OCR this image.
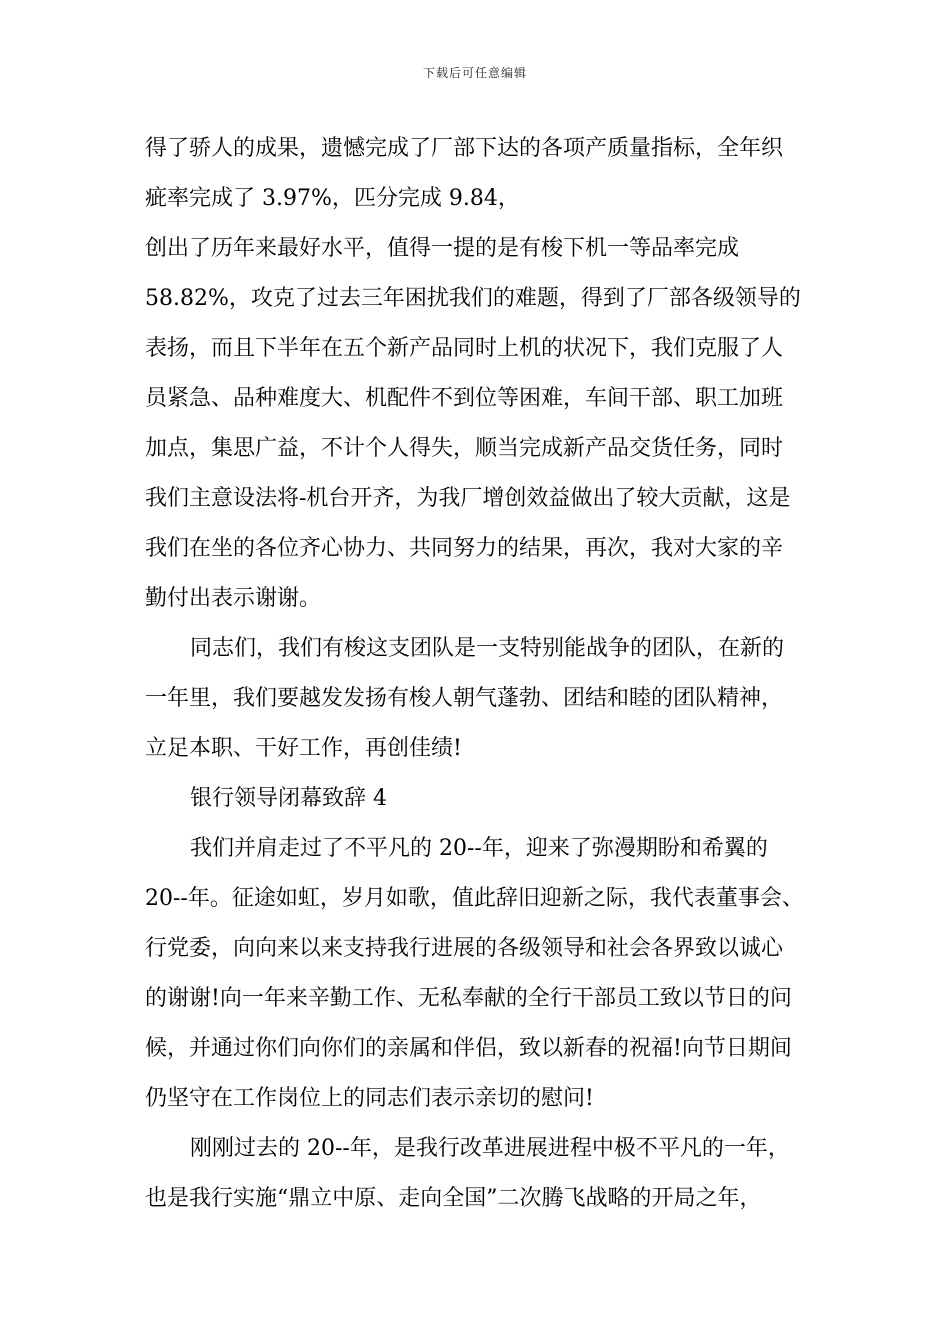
下载后可任意编辑
得了骄人的成果，遗憾完成了厂部下达的各项产质量指标，全年织
疵率完成了 3.97%，匹分完成 9.84，
创出了历年来最好水平，值得一提的是有梭下机一等品率完成
58.82%，攻克了过去三年困扰我们的难题，得到了厂部各级领导的
表扬，而且下半年在五个新产品同时上机的状况下，我们克服了人
员紧急、品种难度大、机配件不到位等困难，车间干部、职工加班
加点，集思广益，不计个人得失，顺当完成新产品交货任务，同时
我们主意设法将-机台开齐，为我厂增创效益做出了较大贡献，这是
我们在坐的各位齐心协力、共同努力的结果，再次，我对大家的辛
勤付出表示谢谢。
同志们，我们有梭这支团队是一支特别能战争的团队，在新的
一年里，我们要越发发扬有梭人朝气蓬勃、团结和睦的团队精神，
立足本职、干好工作，再创佳绩!
银行领导闭幕致辞 4
我们并肩走过了不平凡的 20--年，迎来了弥漫期盼和希翼的
20--年。征途如虹，岁月如歌，值此辞旧迎新之际，我代表董事会、
行党委，向向来以来支持我行进展的各级领导和社会各界致以诚心
的谢谢!向一年来辛勤工作、无私奉献的全行干部员工致以节日的问
候，并通过你们向你们的亲属和伴侣，致以新春的祝福!向节日期间
仍坚守在工作岗位上的同志们表示亲切的慰问!
刚刚过去的 20--年，是我行改革进展进程中极不平凡的一年，
也是我行实施“鼎立中原、走向全国”二次腾飞战略的开局之年，
